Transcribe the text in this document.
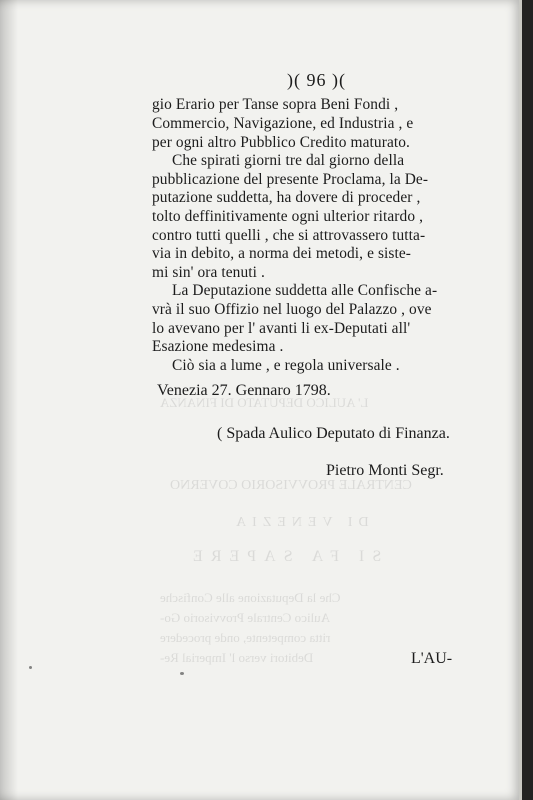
L' AULICO DEPUTATO DI FINANZA
CENTRALE PROVVISORIO COVERNO
DI VENEZIA
SI FA SAPERE
Che la Deputazione alle Confische
Aulico Centrale Provvisorio Go-
ritta competente, onde procedere
Debitori verso l' Imperial Re-
)( 96 )(
gio Erario per Tanse sopra Beni Fondi ,
Commercio, Navigazione, ed Industria , e
per ogni altro Pubblico Credito maturato.
Che spirati giorni tre dal giorno della
pubblicazione del presente Proclama, la De-
putazione suddetta, ha dovere di proceder ,
tolto deffinitivamente ogni ulterior ritardo ,
contro tutti quelli , che si attrovassero tutta-
via in debito, a norma dei metodi, e siste-
mi sin' ora tenuti .
La Deputazione suddetta alle Confische a-
vrà il suo Offizio nel luogo del Palazzo , ove
lo avevano per l' avanti li ex-Deputati all'
Esazione medesima .
Ciò sia a lume , e regola universale .
Venezia 27. Gennaro 1798.
( Spada Aulico Deputato di Finanza.
Pietro Monti Segr.
L'AU-
